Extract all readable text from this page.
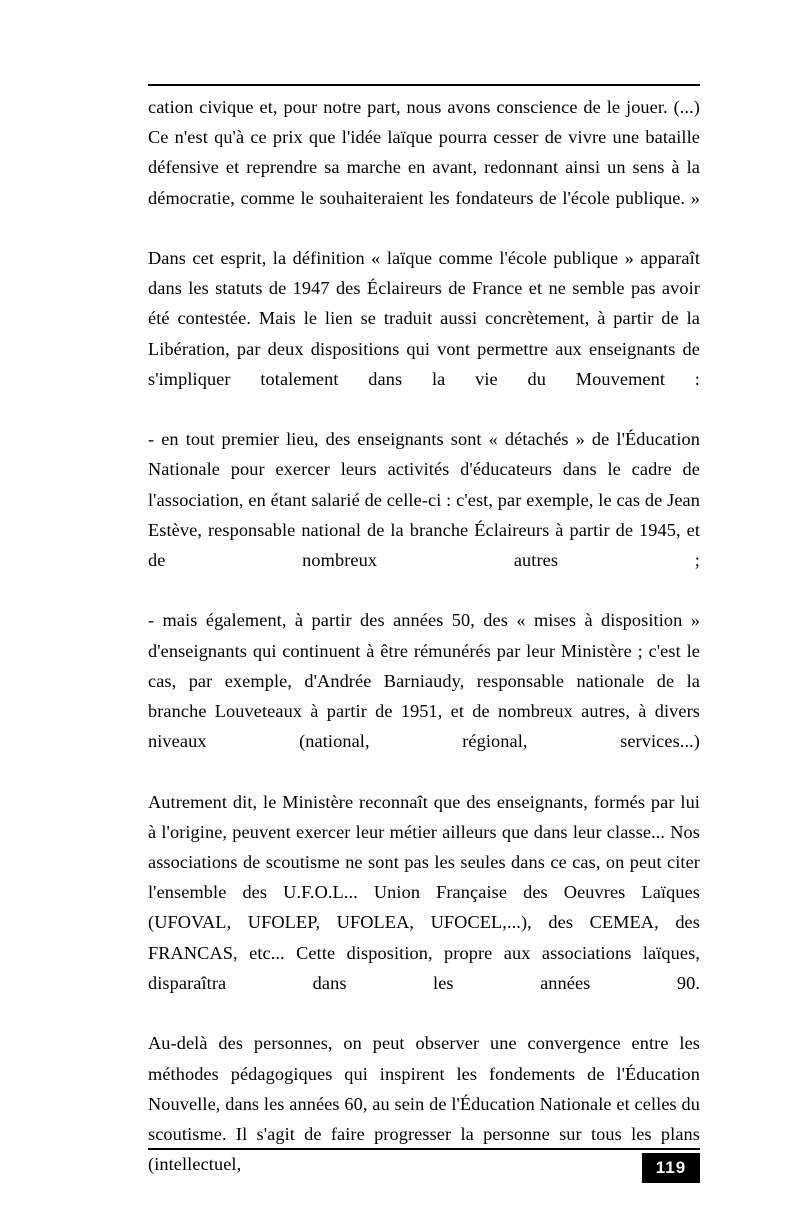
cation civique et, pour notre part, nous avons conscience de le jouer. (...) Ce n'est qu'à ce prix que l'idée laïque pourra cesser de vivre une bataille défensive et reprendre sa marche en avant, redonnant ainsi un sens à la démocratie, comme le souhaiteraient les fondateurs de l'école publique. »

Dans cet esprit, la définition « laïque comme l'école publique » apparaît dans les statuts de 1947 des Éclaireurs de France et ne semble pas avoir été contestée. Mais le lien se traduit aussi concrètement, à partir de la Libération, par deux dispositions qui vont permettre aux enseignants de s'impliquer totalement dans la vie du Mouvement :

- en tout premier lieu, des enseignants sont « détachés » de l'Éducation Nationale pour exercer leurs activités d'éducateurs dans le cadre de l'association, en étant salarié de celle-ci : c'est, par exemple, le cas de Jean Estève, responsable national de la branche Éclaireurs à partir de 1945, et de nombreux autres ;

- mais également, à partir des années 50, des « mises à disposition » d'enseignants qui continuent à être rémunérés par leur Ministère ; c'est le cas, par exemple, d'Andrée Barniaudy, responsable nationale de la branche Louveteaux à partir de 1951, et de nombreux autres, à divers niveaux (national, régional, services...)

Autrement dit, le Ministère reconnaît que des enseignants, formés par lui à l'origine, peuvent exercer leur métier ailleurs que dans leur classe... Nos associations de scoutisme ne sont pas les seules dans ce cas, on peut citer l'ensemble des U.F.O.L... Union Française des Oeuvres Laïques (UFOVAL, UFOLEP, UFOLEA, UFOCEL,...), des CEMEA, des FRANCAS, etc... Cette disposition, propre aux associations laïques, disparaîtra dans les années 90.

Au-delà des personnes, on peut observer une convergence entre les méthodes pédagogiques qui inspirent les fondements de l'Éducation Nouvelle, dans les années 60, au sein de l'Éducation Nationale et celles du scoutisme. Il s'agit de faire progresser la personne sur tous les plans (intellectuel,	119
